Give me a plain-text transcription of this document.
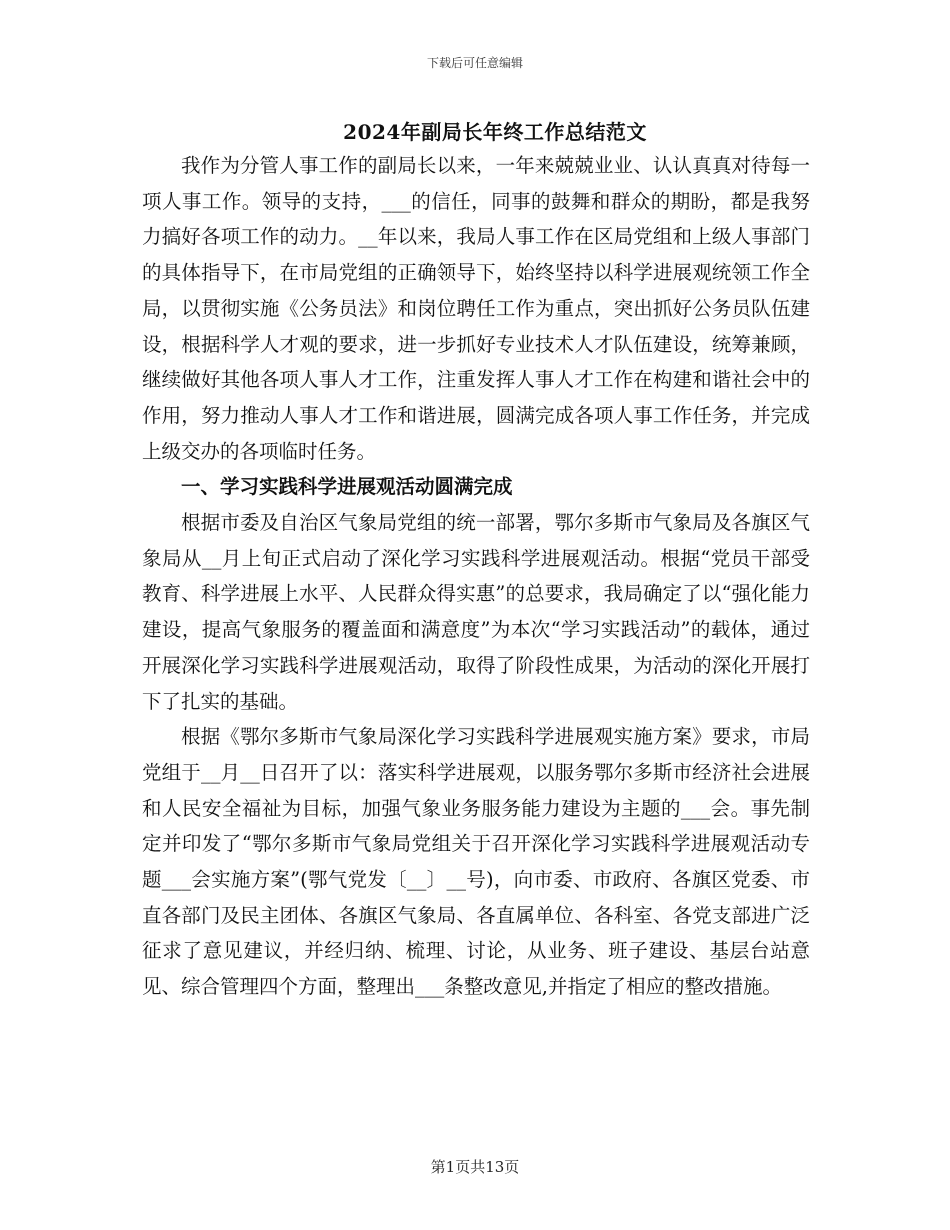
下载后可任意编辑
2024年副局长年终工作总结范文

我作为分管人事工作的副局长以来，一年来兢兢业业、认认真真对待每一项人事工作。领导的支持，___的信任，同事的鼓舞和群众的期盼，都是我努力搞好各项工作的动力。__年以来，我局人事工作在区局党组和上级人事部门的具体指导下，在市局党组的正确领导下，始终坚持以科学进展观统领工作全局，以贯彻实施《公务员法》和岗位聘任工作为重点，突出抓好公务员队伍建设，根据科学人才观的要求，进一步抓好专业技术人才队伍建设，统筹兼顾，继续做好其他各项人事人才工作，注重发挥人事人才工作在构建和谐社会中的作用，努力推动人事人才工作和谐进展，圆满完成各项人事工作任务，并完成上级交办的各项临时任务。

一、学习实践科学进展观活动圆满完成

根据市委及自治区气象局党组的统一部署，鄂尔多斯市气象局及各旗区气象局从__月上旬正式启动了深化学习实践科学进展观活动。根据“党员干部受教育、科学进展上水平、人民群众得实惠”的总要求，我局确定了以“强化能力建设，提高气象服务的覆盖面和满意度”为本次“学习实践活动”的载体，通过开展深化学习实践科学进展观活动，取得了阶段性成果，为活动的深化开展打下了扎实的基础。

根据《鄂尔多斯市气象局深化学习实践科学进展观实施方案》要求，市局党组于__月__日召开了以：落实科学进展观，以服务鄂尔多斯市经济社会进展和人民安全福祉为目标，加强气象业务服务能力建设为主题的___会。事先制定并印发了“鄂尔多斯市气象局党组关于召开深化学习实践科学进展观活动专题___会实施方案”(鄂气党发〔__〕__号)，向市委、市政府、各旗区党委、市直各部门及民主团体、各旗区气象局、各直属单位、各科室、各党支部进广泛征求了意见建议，并经归纳、梳理、讨论，从业务、班子建设、基层台站意见、综合管理四个方面，整理出___条整改意见,并指定了相应的整改措施。

第1页共13页
